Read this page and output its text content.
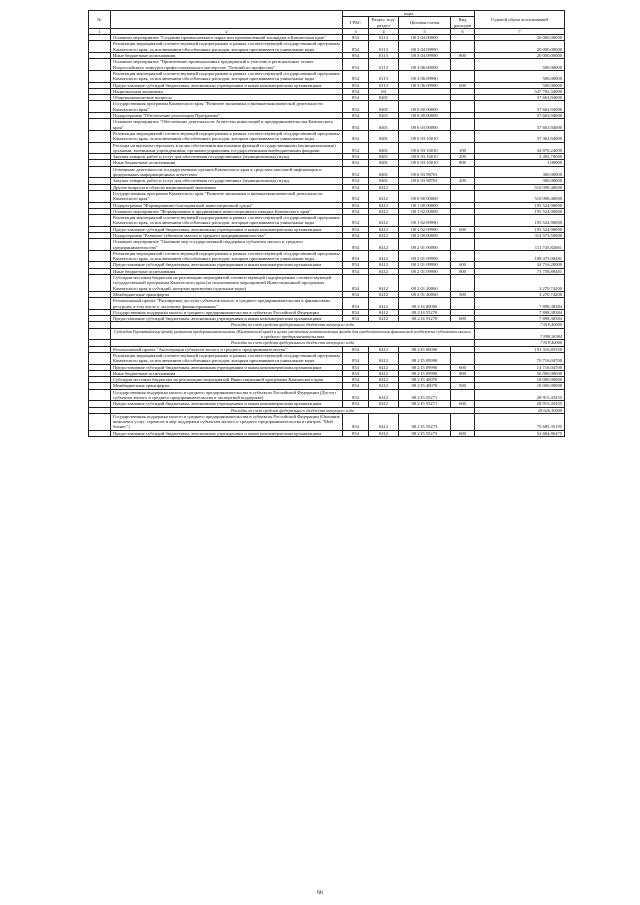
№		коды				Годовой объем ассигнований
		ГРБС	Раздел, под-раздел	Целевая статья	Вид расходов	
1	2	3	4	5	6	7
	Основное мероприятие "Создание промышленного парка или промышленной площадки в Камчатском крае"	854	0113	08 3 04 00000		20 000,00000
	Реализация мероприятий соответствующей подпрограммы в рамках соответствующей государственной программы Камчатского края, за исключением обособленных расходов, которым присваиваются уникальные коды	854	0113	08 3 04 09990		20 000,00000
	Иные бюджетные ассигнования	854	0113	08 3 04 09990	800	20 000,00000
	Основное мероприятие "Привлечение промышленных предприятий к участию в региональных этапах Всероссийского конкурса профессионального мастерства "Лучший по профессии"	854	0113	08 3 06 00000		500,00000
	Реализация мероприятий соответствующей подпрограммы в рамках соответствующей государственной программы Камчатского края, за исключением обособленных расходов, которым присваиваются уникальные коды	854	0113	08 3 06 09990		500,00000
	Предоставление субсидий бюджетным, автономным учреждениям и иным некоммерческим организациям	854	0113	08 3 06 09990	600	500,00000
	Национальная экономика	854	04			547 782,34000
	Общеэкономические вопросы	854	0401			37 663,94000
	Государственная программа Камчатского края "Развитие экономики и внешнеэкономической деятельности Камчатского края"	854	0401	08 0 00 00000		37 663,94000
	Подпрограмма "Обеспечение реализации Программы"	854	0401	08 6 00 00000		37 663,94000
	Основное мероприятие "Обеспечение деятельности Агентства инвестиций и предпринимательства Камчатского края"	854	0401	08 6 03 00000		37 663,94000
	Реализация мероприятий соответствующей подпрограммы в рамках соответствующей государственной программы Камчатского края, за исключением обособленных расходов, которым присваиваются уникальные коды	854	0401	08 6 03 10010		37 363,94000
	Расходы на выплаты персоналу в целях обеспечения выполнения функций государственными (муниципальными) органами, казенными учреждениями, органами управления государственными внебюджетными фондами	854	0401	08 6 03 10010	100	34 870,24000
	Закупка товаров, работ и услуг для обеспечения государственных (муниципальных) нужд	854	0401	08 6 03 10010	200	2 492,70000
	Иные бюджетные ассигнования	854	0401	08 6 03 10010	800	1,00000
	Освещение деятельности государственных органов Камчатского края в средствах массовой информации и федеральных информационных агентствах	854	0401	08 6 03 98701		300,00000
	Закупка товаров, работ и услуг для обеспечения государственных (муниципальных) нужд	854	0401	08 6 03 98701	200	300,00000
	Другие вопросы в области национальной экономики	854	0412			510 098,40000
	Государственная программа Камчатского края "Развитие экономики и внешнеэкономической деятельности Камчатского края"	854	0412	08 0 00 00000		510 098,40000
	Подпрограмма "Формирование благоприятной инвестиционной среды"	854	0412	08 1 00 00000		195 524,90000
	Основное мероприятие "Формирование и продвижение инвестиционного имиджа Камчатского края"	854	0412	08 1 02 00000		195 524,90000
	Реализация мероприятий соответствующей подпрограммы в рамках соответствующей государственной программы Камчатского края, за исключением обособленных расходов, которым присваиваются уникальные коды	854	0412	08 1 02 09990		195 524,90000
	Предоставление субсидий бюджетным, автономным учреждениям и иным некоммерческим организациям	854	0412	08 1 02 09990	600	195 524,90000
	Подпрограмма "Развитие субъектов малого и среднего предпринимательства"	854	0412	08 2 00 00000		314 573,50000
	Основное мероприятие "Оказание мер государственной поддержки субъектам малого и среднего предпринимательства"	854	0412	08 2 01 00000		111 745,82681
	Реализация мероприятий соответствующей подпрограммы в рамках соответствующей государственной программы Камчатского края, за исключением обособленных расходов, которым присваиваются уникальные коды	854	0412	08 2 01 09990		108 475,08481
	Предоставление субсидий бюджетным, автономным учреждениям и иным некоммерческим организациям	854	0412	08 2 01 09990	600	34 716,20000
	Иные бюджетные ассигнования	854	0412	08 2 01 09990	800	73 758,89481
	Субсидии местным бюджетам на реализацию мероприятий соответствующей подпрограммы соответствующей государственной программы Камчатского края (за исключением мероприятий Инвестиционной программы Камчатского края и субсидий, которым присвоены отдельные коды)	854	0412	08 2 01 40060		3 270,74200
	Межбюджетные трансферты	854	0412	08 2 01 40060	500	3 270,74200
	Региональный проект "Расширение доступа субъектов малого и среднего предпринимательства к финансовым ресурсам, в том числе к льготному финансированию"	854	0412	08 2 I4 00000		7 898,38384
	Государственная поддержка малого и среднего предпринимательства в субъектах Российской Федерации	854	0412	08 2 I4 55270		7 898,38384
	Предоставление субсидий бюджетным, автономным учреждениям и иным некоммерческим организациям	854	0412	08 2 I4 55270	600	7 898,38384
	Расходы за счет средств федерального бюджета текущего года					7 819,40000
	Субсидия Гарантийному фонду развития предпринимательства (Камчатский край) в целях увеличения капитализации фонда для предоставления финансовой поддержки субъектам малого и среднего предпринимательства					7 898,38384
	Расходы за счет средств федерального бюджета текущего года					7 819,40000
	Региональный проект "Акселерация субъектов малого и среднего предпринимательства"	854	0412	08 2 I5 00000		193 316,85350
	Реализация мероприятий соответствующей подпрограммы в рамках соответствующей государственной программы Камчатского края, за исключением обособленных расходов, которым присваиваются уникальные коды	854	0412	08 2 I5 09990		70 716,04700
	Предоставление субсидий бюджетным, автономным учреждениям и иным некоммерческим организациям	854	0412	08 2 I5 09990	600	14 716,04700
	Иные бюджетные ассигнования	854	0412	08 2 I5 09990	800	56 000,00000
	Субсидии местным бюджетам на реализацию мероприятий Инвестиционной программы Камчатского края	854	0412	08 2 I5 40070		18 000,00000
	Межбюджетные трансферты	854	0412	08 2 I5 40070	500	18 000,00000
	Государственная поддержка малого и среднего предпринимательства в субъектах Российской Федерации (Доступ субъектов малого и среднего предпринимательства к экспортной поддержке)	854	0412	08 2 I5 55271		28 915,45455
	Предоставление субсидий бюджетным, автономным учреждениям и иным некоммерческим организациям	854	0412	08 2 I5 55271	600	28 915,45455
	Расходы за счет средств федерального бюджета текущего года					28 626,30000
	Государственная поддержка малого и среднего предпринимательства в субъектах Российской Федерации (Оказание комплекса услуг, сервисов и мер поддержки субъектам малого и среднего предпринимательства в центрах "Мой бизнес")	854	0412	08 2 I5 55273		75 685,35195
	Предоставление субсидий бюджетным, автономным учреждениям и иным некоммерческим организациям	854	0412	08 2 I5 55273	600	52 684,86475
66
